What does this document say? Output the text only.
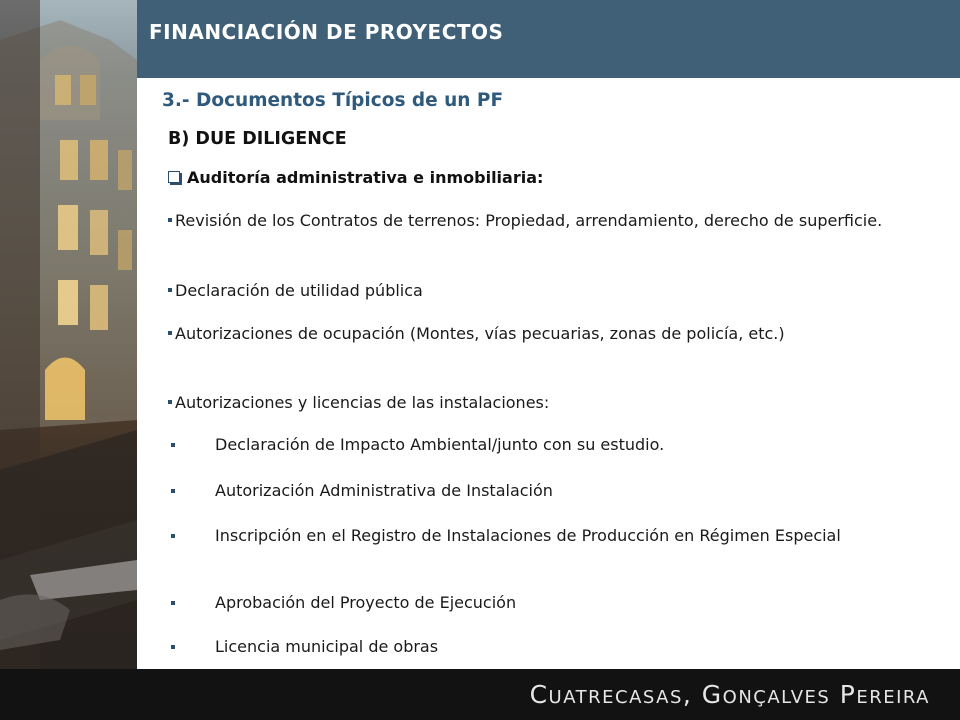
FINANCIACIÓN DE PROYECTOS
3.- Documentos Típicos de un PF
B) DUE DILIGENCE
Auditoría administrativa e inmobiliaria:
Revisión de los Contratos de terrenos: Propiedad, arrendamiento, derecho de superficie.
Declaración de utilidad pública
Autorizaciones de ocupación (Montes, vías pecuarias, zonas de policía, etc.)
Autorizaciones y licencias de las instalaciones:
Declaración de Impacto Ambiental/junto con su estudio.
Autorización Administrativa de Instalación
Inscripción en el Registro de Instalaciones de Producción en Régimen Especial
Aprobación del Proyecto de Ejecución
Licencia municipal de obras
Cuatrecasas, Gonçalves Pereira
